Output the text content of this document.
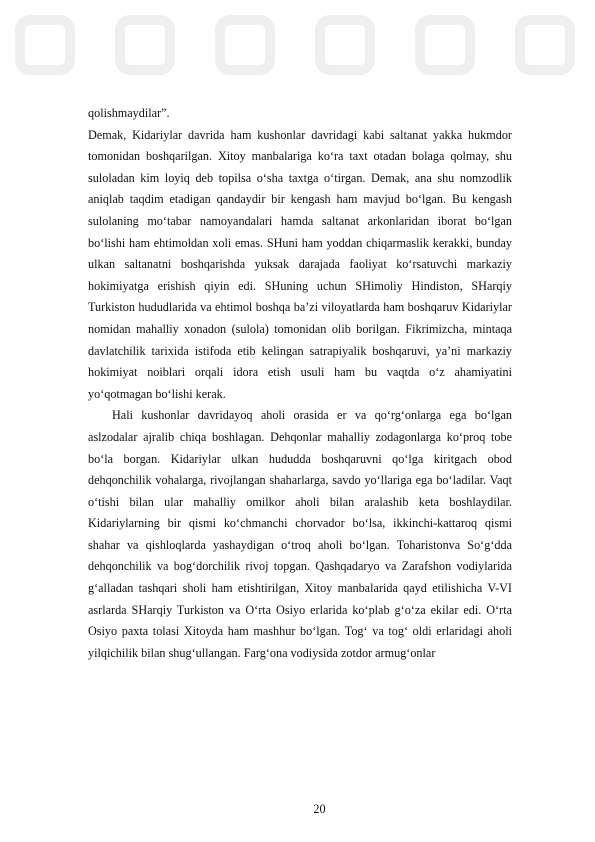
qolishmaydilar”.

Demak, Kidariylar davrida ham kushonlar davridagi kabi saltanat yakka hukmdor tomonidan boshqarilgan. Xitoy manbalariga ko‘ra taxt otadan bolaga qolmay, shu suloladan kim loyiq deb topilsa o‘sha taxtga o‘tirgan. Demak, ana shu nomzodlik aniqlab taqdim etadigan qandaydir bir kengash ham mavjud bo‘lgan. Bu kengash sulolaning mo‘tabar namoyandalari hamda saltanat arkonlaridan iborat bo‘lgan bo‘lishi ham ehtimoldan xoli emas. SHuni ham yoddan chiqarmaslik kerakki, bunday ulkan saltanatni boshqarishda yuksak darajada faoliyat ko‘rsatuvchi markaziy hokimiyatga erishish qiyin edi. SHuning uchun SHimoliy Hindiston, SHarqiy Turkiston hududlarida va ehtimol boshqa ba’zi viloyatlarda ham boshqaruv Kidariylar nomidan mahalliy xonadon (sulola) tomonidan olib borilgan. Fikrimizcha, mintaqa davlatchilik tarixida istifoda etib kelingan satrapiyalik boshqaruvi, ya’ni markaziy hokimiyat noiblari orqali idora etish usuli ham bu vaqtda o‘z ahamiyatini yo‘qotmagan bo‘lishi kerak.

Hali kushonlar davridayoq aholi orasida er va qo‘rg‘onlarga ega bo‘lgan aslzodalar ajralib chiqa boshlagan. Dehqonlar mahalliy zodagonlarga ko‘proq tobe bo‘la borgan. Kidariylar ulkan hududda boshqaruvni qo‘lga kiritgach obod dehqonchilik vohalarga, rivojlangan shaharlarga, savdo yo‘llariga ega bo‘ladilar. Vaqt o‘tishi bilan ular mahalliy omilkor aholi bilan aralashib keta boshlaydilar. Kidariylarning bir qismi ko‘chmanchi chorvador bo‘lsa, ikkinchi-kattaroq qismi shahar va qishloqlarda yashaydigan o‘troq aholi bo‘lgan. Toharistonva So‘g‘dda dehqonchilik va bog‘dorchilik rivoj topgan. Qashqadaryo va Zarafshon vodiylarida g‘alladan tashqari sholi ham etishtirilgan, Xitoy manbalarida qayd etilishicha V-VI asrlarda SHarqiy Turkiston va O‘rta Osiyo erlarida ko‘plab g‘o‘za ekilar edi. O‘rta Osiyo paxta tolasi Xitoyda ham mashhur bo‘lgan. Tog‘ va tog‘ oldi erlaridagi aholi yilqichilik bilan shug‘ullangan. Farg‘ona vodiysida zotdor armug‘onlar

20
